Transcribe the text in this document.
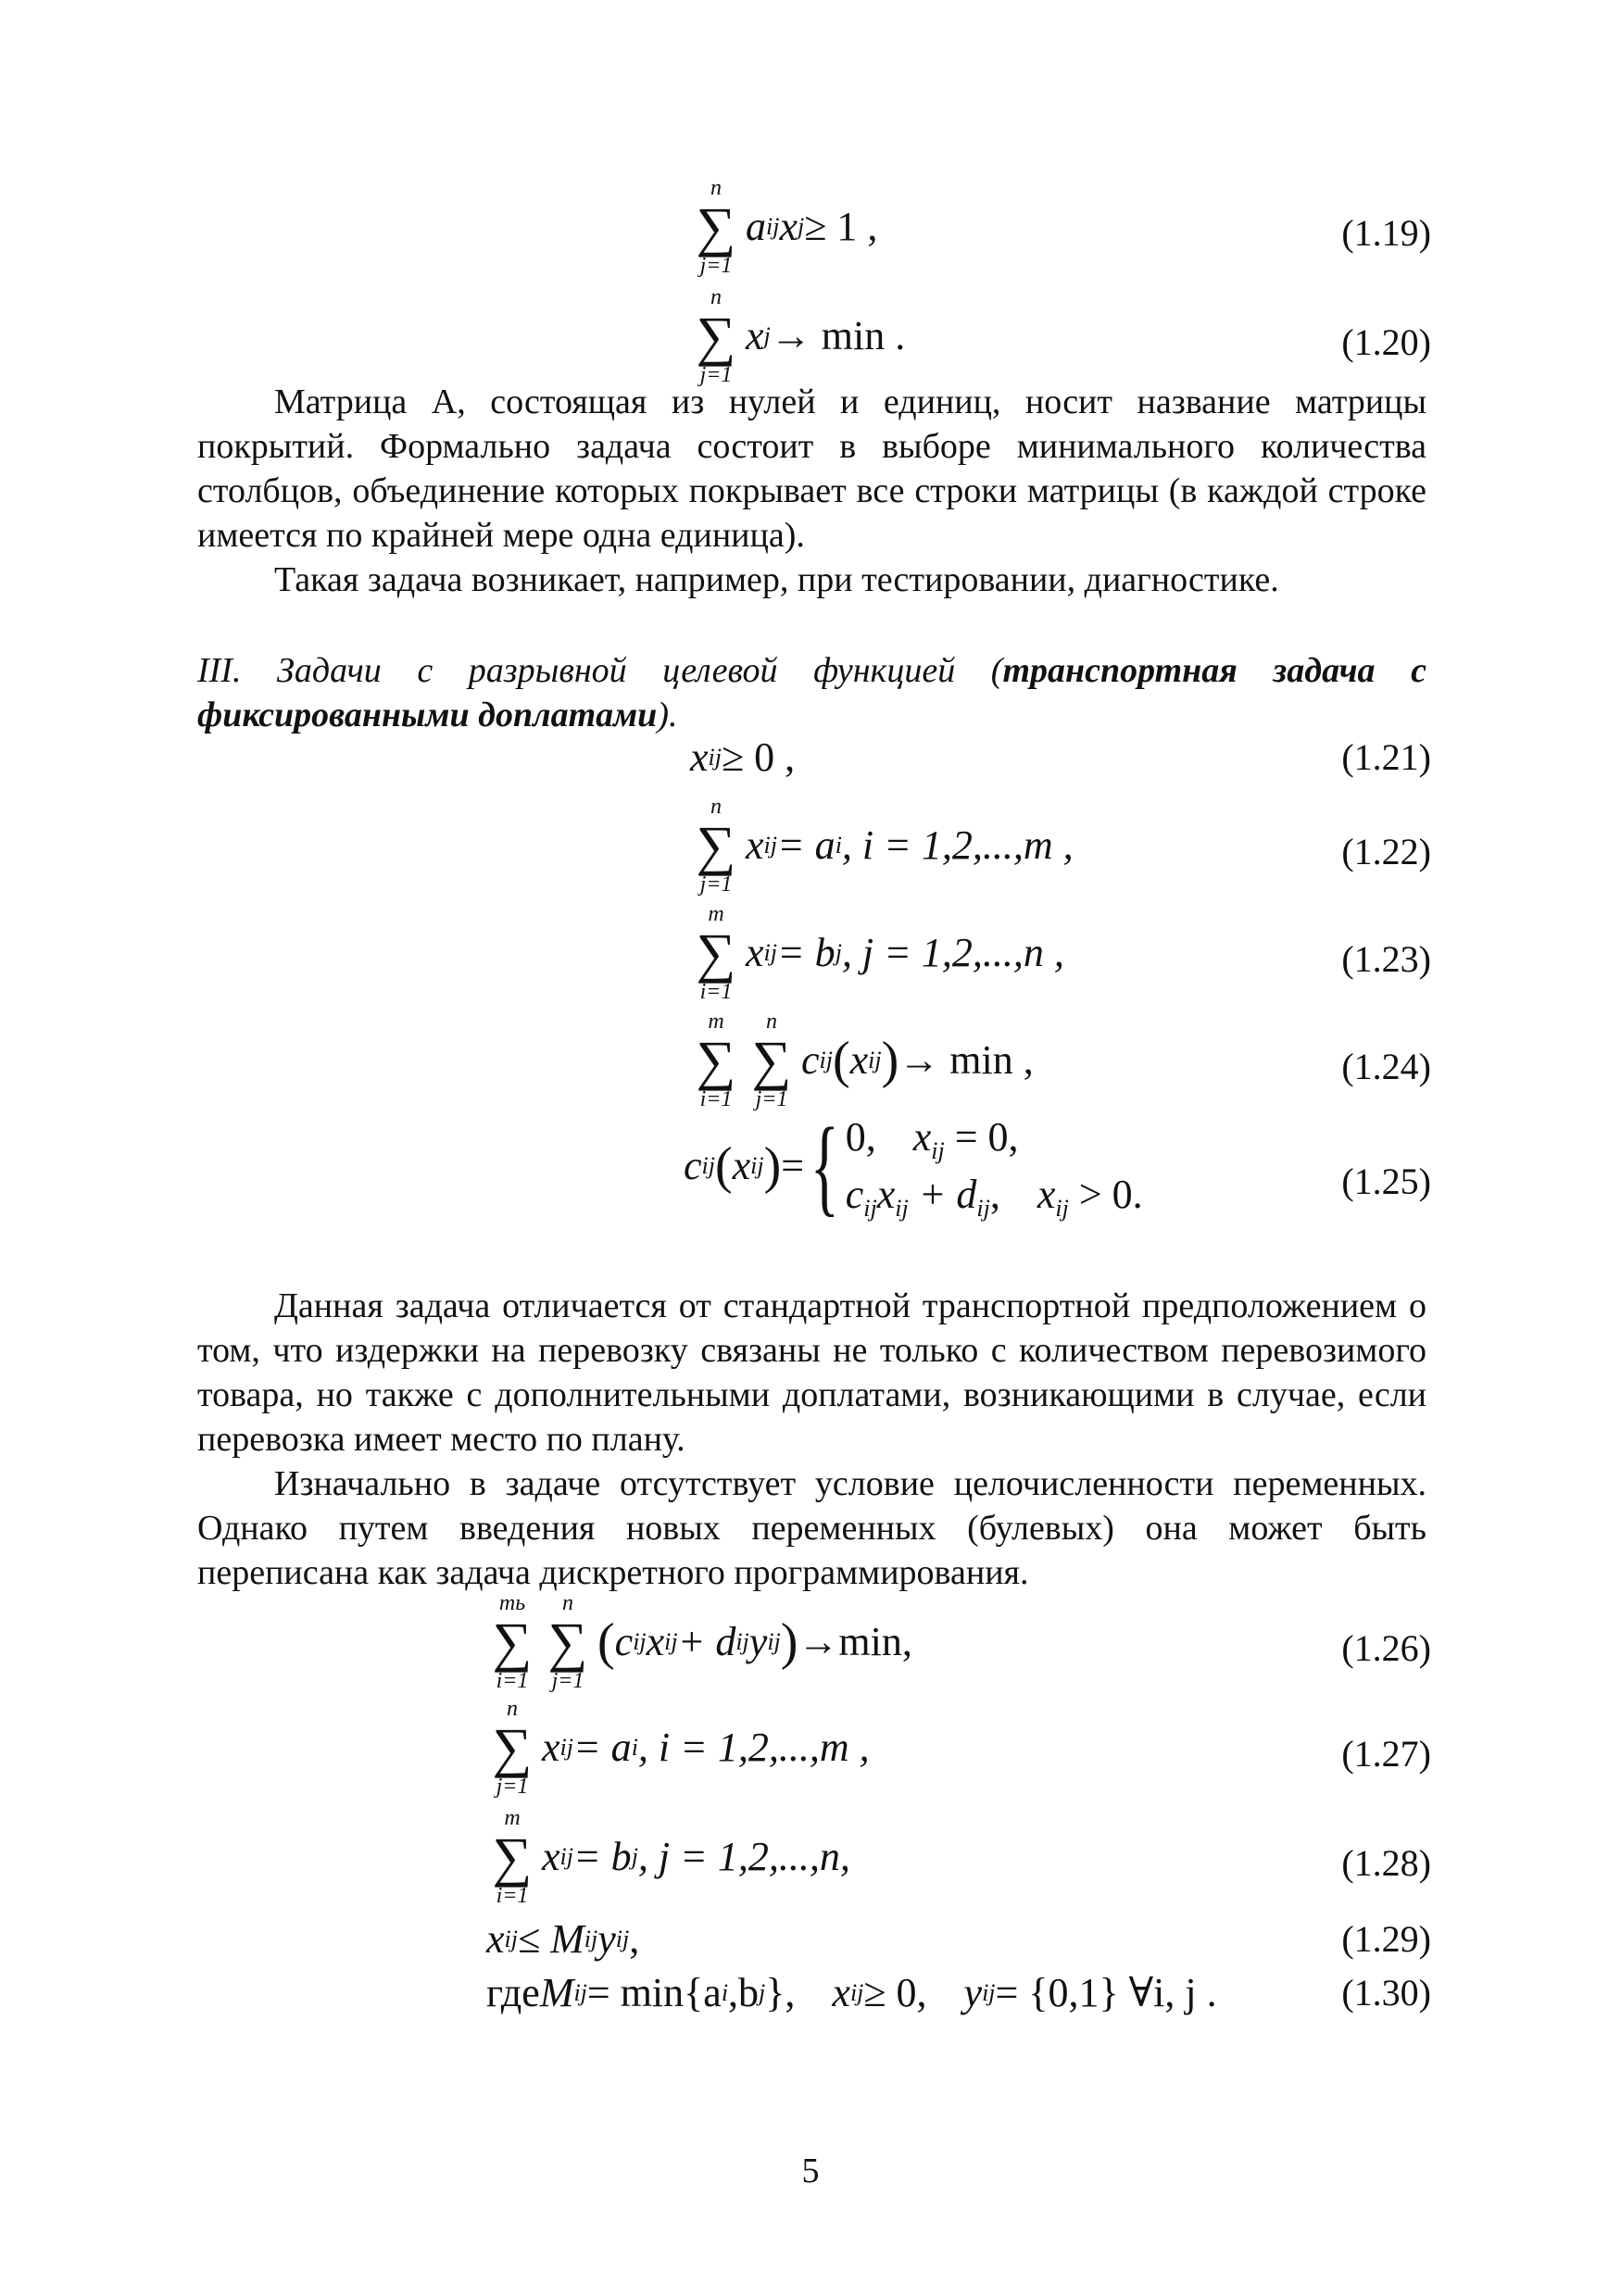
n
∑
j=1
a ij x j ≥ 1 ,	(1.19)
n
∑
j=1
x j → min .	(1.20)

Матрица A, состоящая из нулей и единиц, носит название матрицы покрытий. Формально задача состоит в выборе минимального количества столбцов, объединение которых покрывает все строки матрицы (в каждой строке имеется по крайней мере одна единица).

Такая задача возникает, например, при тестировании, диагностике.

III. Задачи с разрывной целевой функцией (транспортная задача с фиксированными доплатами).

x ij ≥ 0 ,	(1.21)
n
∑
j=1
x ij = a i , i = 1,2,...,m ,	(1.22)
m
∑
i=1
x ij = b j , j = 1,2,...,n ,	(1.23)
m
∑
i=1
n
∑
j=1
c ij ( x ij ) → min ,	(1.24)
c ij ( x ij ) = { 0, $x_{ij} = 0$,
$c_{ij}x_{ij} + d_{ij}$, $x_{ij} > 0$.	(1.25)

Данная задача отличается от стандартной транспортной предположением о том, что издержки на перевозку связаны не только с количеством перевозимого товара, но также с дополнительными доплатами, возникающими в случае, если перевозка имеет место по плану.

Изначально в задаче отсутствует условие целочисленности переменных. Однако путем введения новых переменных (булевых) она может быть переписана как задача дискретного программирования.

mь
∑
i=1
n
∑
j=1
( c ij x ij + d ij y ij ) →min,	(1.26)
n
∑
j=1
x ij = a i , i = 1,2,...,m ,	(1.27)
m
∑
i=1
x ij = b j , j = 1,2,...,n,	(1.28)
x ij ≤ M ij y ij ,	(1.29)
где M ij = min{a i ,b j }, x ij ≥ 0, y ij = {0,1} ∀i, j .	(1.30)
5
